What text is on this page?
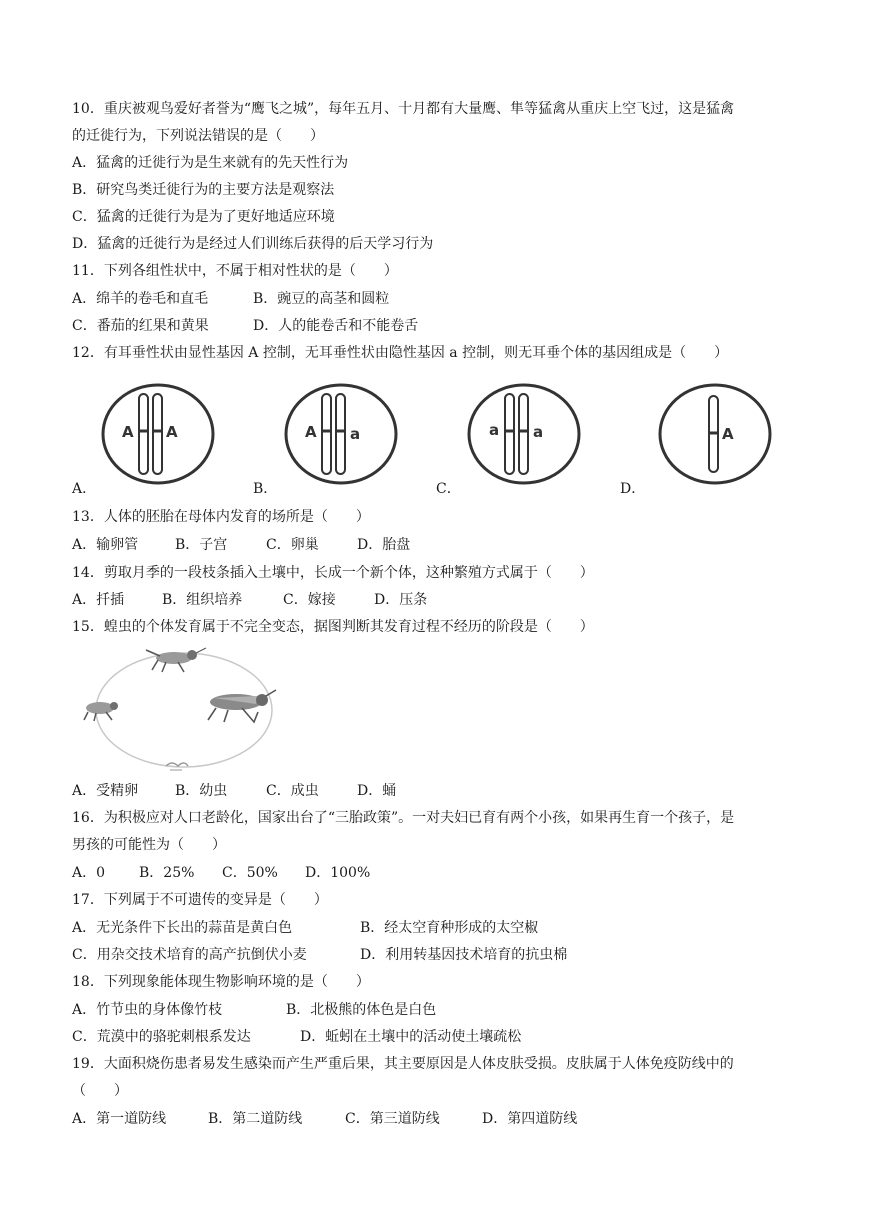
10．重庆被观鸟爱好者誉为“鹰飞之城”，每年五月、十月都有大量鹰、隼等猛禽从重庆上空飞过，这是猛禽
的迁徙行为，下列说法错误的是（　　）
A．猛禽的迁徙行为是生来就有的先天性行为
B．研究鸟类迁徙行为的主要方法是观察法
C．猛禽的迁徙行为是为了更好地适应环境
D．猛禽的迁徙行为是经过人们训练后获得的后天学习行为
11．下列各组性状中，不属于相对性状的是（　　）
A．绵羊的卷毛和直毛	B．豌豆的高茎和圆粒
C．番茄的红果和黄果	D．人的能卷舌和不能卷舌
12．有耳垂性状由显性基因 A 控制，无耳垂性状由隐性基因 a 控制，则无耳垂个体的基因组成是（　　）
A A
A．
A a
B．
a a
C．
A
D．
13．人体的胚胎在母体内发育的场所是（　　）
A．输卵管	B．子宫	C．卵巢	D．胎盘
14．剪取月季的一段枝条插入土壤中，长成一个新个体，这种繁殖方式属于（　　）
A．扦插	B．组织培养	C．嫁接	D．压条
15．蝗虫的个体发育属于不完全变态，据图判断其发育过程不经历的阶段是（　　）
A．受精卵	B．幼虫	C．成虫	D．蛹
16．为积极应对人口老龄化，国家出台了“三胎政策”。一对夫妇已育有两个小孩，如果再生育一个孩子，是
男孩的可能性为（　　）
A．0 B．25% C．50% D．100%
17．下列属于不可遗传的变异是（　　）
A．无光条件下长出的蒜苗是黄白色	B．经太空育种形成的太空椒
C．用杂交技术培育的高产抗倒伏小麦	D．利用转基因技术培育的抗虫棉
18．下列现象能体现生物影响环境的是（　　）
A．竹节虫的身体像竹枝	B．北极熊的体色是白色
C．荒漠中的骆驼刺根系发达	D．蚯蚓在土壤中的活动使土壤疏松
19．大面积烧伤患者易发生感染而产生严重后果，其主要原因是人体皮肤受损。皮肤属于人体免疫防线中的
（　　）
A．第一道防线	B．第二道防线	C．第三道防线	D．第四道防线
